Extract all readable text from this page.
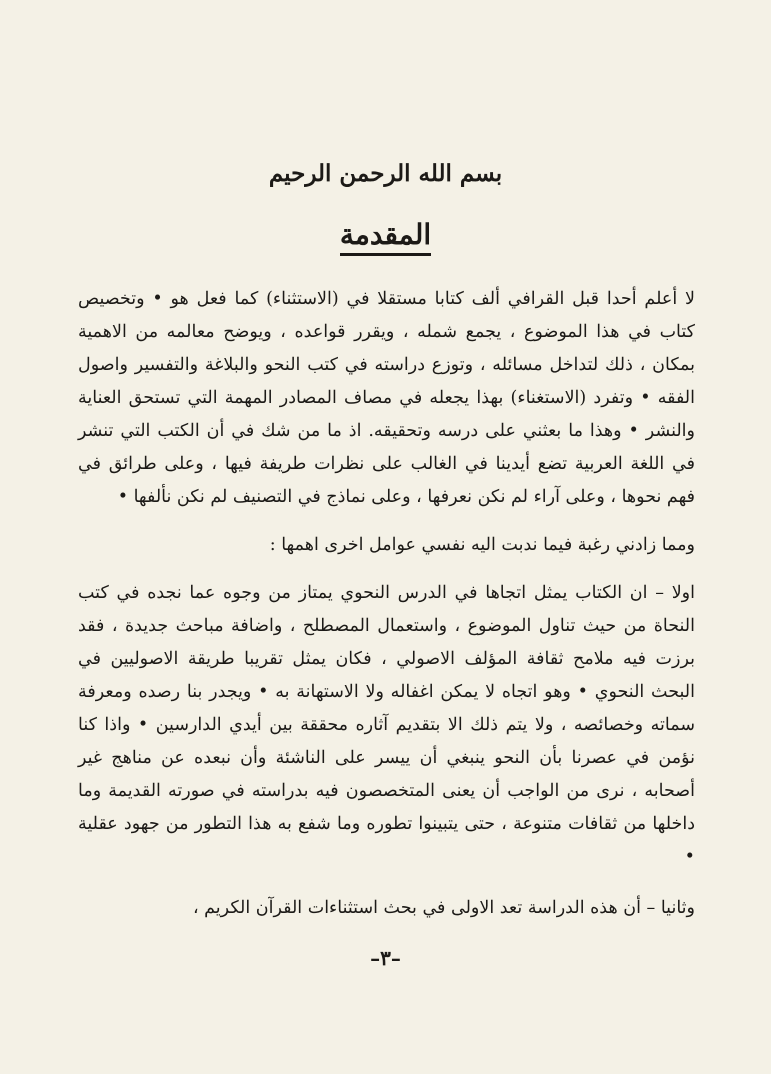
بسم الله الرحمن الرحيم
المقدمة

لا أعلم أحدا قبل القرافي ألف كتابا مستقلا في (الاستثناء) كما فعل هو • وتخصيص كتاب في هذا الموضوع ، يجمع شمله ، ويقرر قواعده ، ويوضح معالمه من الاهمية بمكان ، ذلك لتداخل مسائله ، وتوزع دراسته في كتب النحو والبلاغة والتفسير واصول الفقه • وتفرد (الاستغناء) بهذا يجعله في مصاف المصادر المهمة التي تستحق العناية والنشر • وهذا ما بعثني على درسه وتحقيقه. اذ ما من شك في أن الكتب التي تنشر في اللغة العربية تضع أيدينا في الغالب على نظرات طريفة فيها ، وعلى طرائق في فهم نحوها ، وعلى آراء لم نكن نعرفها ، وعلى نماذج في التصنيف لم نكن نألفها •

ومما زادني رغبة فيما ندبت اليه نفسي عوامل اخرى اهمها :

اولا – ان الكتاب يمثل اتجاها في الدرس النحوي يمتاز من وجوه عما نجده في كتب النحاة من حيث تناول الموضوع ، واستعمال المصطلح ، واضافة مباحث جديدة ، فقد برزت فيه ملامح ثقافة المؤلف الاصولي ، فكان يمثل تقريبا طريقة الاصوليين في البحث النحوي • وهو اتجاه لا يمكن اغفاله ولا الاستهانة به • ويجدر بنا رصده ومعرفة سماته وخصائصه ، ولا يتم ذلك الا بتقديم آثاره محققة بين أيدي الدارسين • واذا كنا نؤمن في عصرنا بأن النحو ينبغي أن ييسر على الناشئة وأن نبعده عن مناهج غير أصحابه ، نرى من الواجب أن يعنى المتخصصون فيه بدراسته في صورته القديمة وما داخلها من ثقافات متنوعة ، حتى يتبينوا تطوره وما شفع به هذا التطور من جهود عقلية •

وثانيا – أن هذه الدراسة تعد الاولى في بحث استثناءات القرآن الكريم ،

–٣–
